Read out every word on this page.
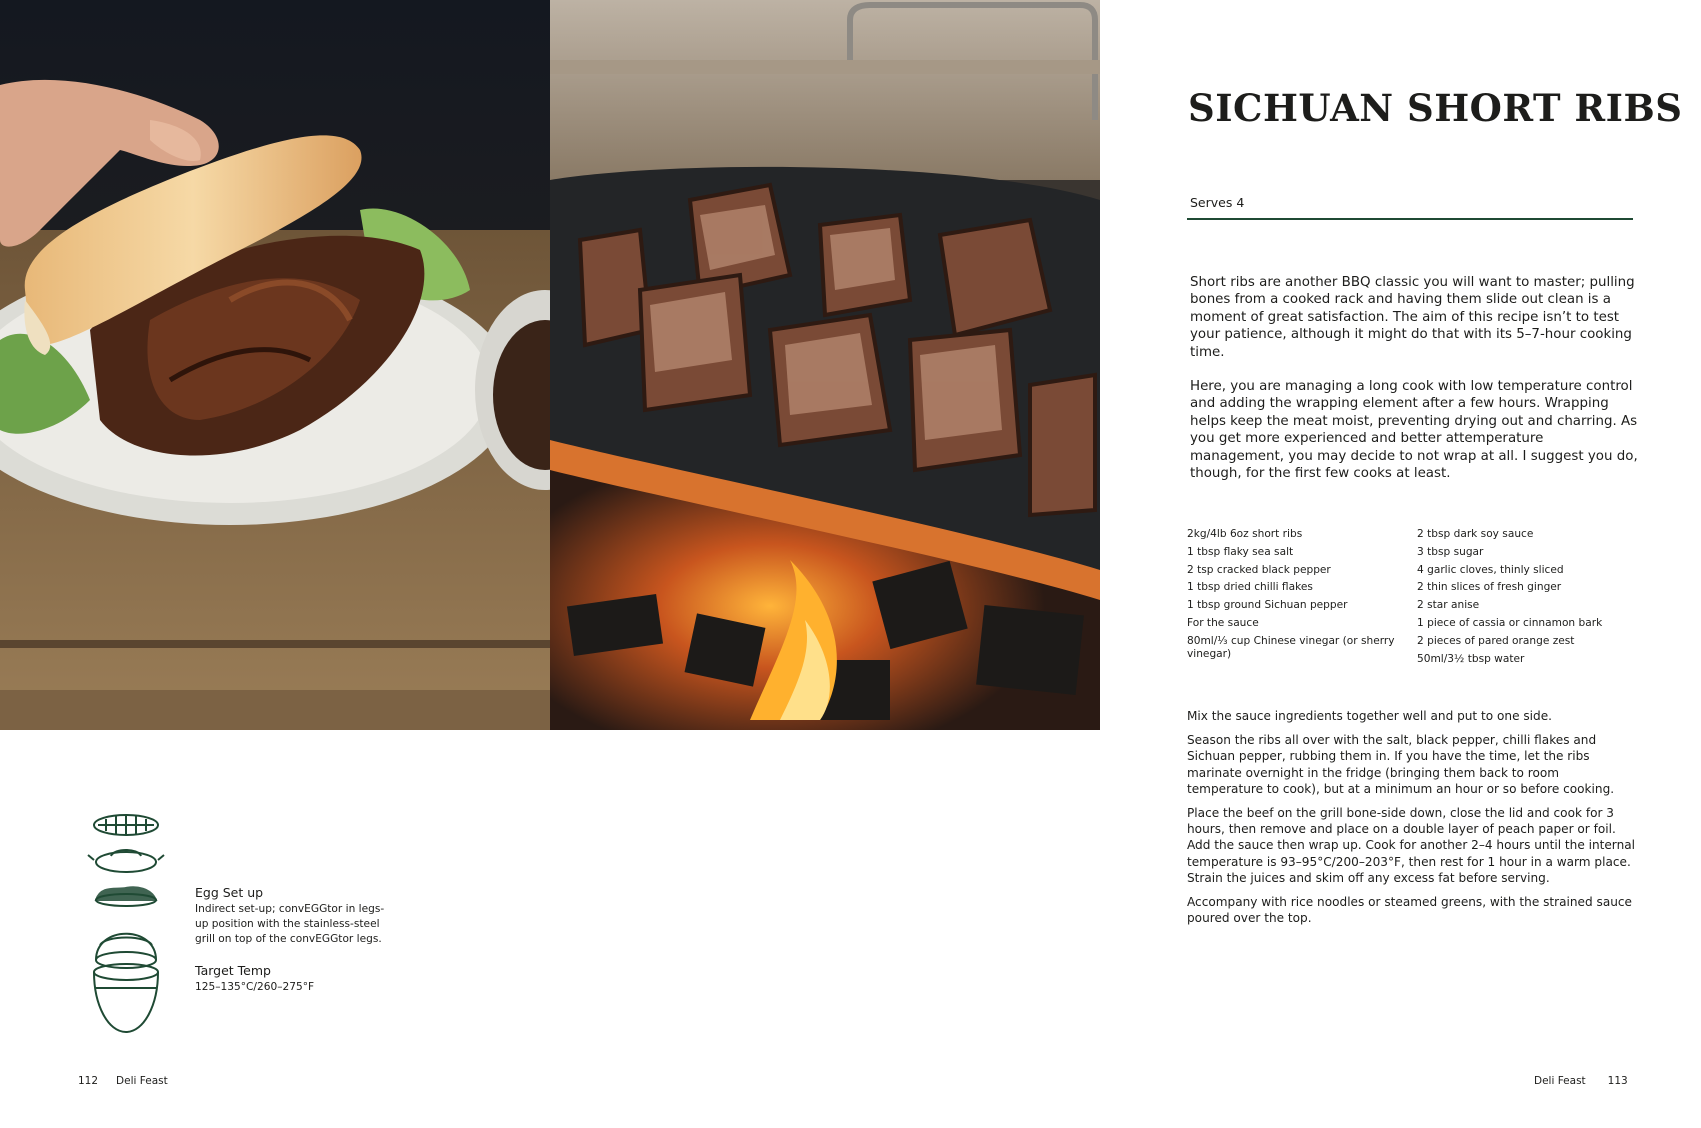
SICHUAN SHORT RIBS
Serves 4

Short ribs are another BBQ classic you will want to master; pulling bones from a cooked rack and having them slide out clean is a moment of great satisfaction. The aim of this recipe isn’t to test your patience, although it might do that with its 5–7-hour cooking time.

Here, you are managing a long cook with low temperature control and adding the wrapping element after a few hours. Wrapping helps keep the meat moist, preventing drying out and charring. As you get more experienced and better attemperature management, you may decide to not wrap at all. I suggest you do, though, for the first few cooks at least.

2kg/4lb 6oz short ribs
1 tbsp flaky sea salt
2 tsp cracked black pepper
1 tbsp dried chilli flakes
1 tbsp ground Sichuan pepper
For the sauce
80ml/⅓ cup Chinese vinegar (or sherry vinegar)
2 tbsp dark soy sauce
3 tbsp sugar
4 garlic cloves, thinly sliced
2 thin slices of fresh ginger
2 star anise
1 piece of cassia or cinnamon bark
2 pieces of pared orange zest
50ml/3½ tbsp water

Mix the sauce ingredients together well and put to one side.

Season the ribs all over with the salt, black pepper, chilli flakes and Sichuan pepper, rubbing them in. If you have the time, let the ribs marinate overnight in the fridge (bringing them back to room temperature to cook), but at a minimum an hour or so before cooking.

Place the beef on the grill bone-side down, close the lid and cook for 3 hours, then remove and place on a double layer of peach paper or foil. Add the sauce then wrap up. Cook for another 2–4 hours until the internal temperature is 93–95°C/200–203°F, then rest for 1 hour in a warm place. Strain the juices and skim off any excess fat before serving.

Accompany with rice noodles or steamed greens, with the strained sauce poured over the top.

Egg Set up
Indirect set-up; convEGGtor in legs-up position with the stainless-steel grill on top of the convEGGtor legs.
Target Temp
125–135°C/260–275°F
112 Deli Feast	Deli Feast 113
